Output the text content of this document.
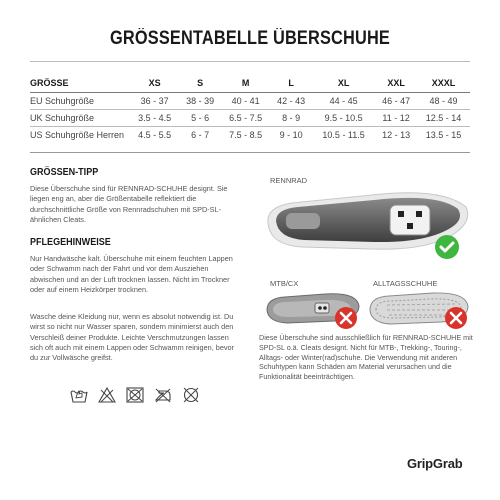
GRÖSSENTABELLE ÜBERSCHUHE
GRÖSSE	XS	S	M	L	XL	XXL	XXXL
EU Schuhgröße	36 - 37	38 - 39	40 - 41	42 - 43	44 - 45	46 - 47	48 - 49
UK Schuhgröße	3.5 - 4.5	5 - 6	6.5 - 7.5	8 - 9	9.5 - 10.5	11 - 12	12.5 - 14
US Schuhgröße Herren	4.5 - 5.5	6 - 7	7.5 - 8.5	9 - 10	10.5 - 11.5	12 - 13	13.5 - 15
GRÖSSEN-TIPP
Diese Überschuhe sind für RENNRAD-SCHUHE designt. Sie liegen eng an, aber die Größentabelle reflektiert die durchschnittliche Größe von Rennradschuhen mit SPD-SL-ähnlichen Cleats.
PFLEGEHINWEISE
Nur Handwäsche kalt. Überschuhe mit einem feuchten Lappen oder Schwamm nach der Fahrt und vor dem Ausziehen abwischen und an der Luft trocknen lassen. Nicht im Trockner oder auf einem Heizkörper trocknen.
Wasche deine Kleidung nur, wenn es absolut notwendig ist. Du wirst so nicht nur Wasser sparen, sondern minimierst auch den Verschleiß deiner Produkte. Leichte Verschmutzungen lassen sich oft auch mit einem Lappen oder Schwamm reinigen, bevor du zur Vollwäsche greifst.
RENNRAD
MTB/CX	ALLTAGSSCHUHE
Diese Überschuhe sind ausschließlich für RENNRAD-SCHUHE mit SPD-SL o.ä. Cleats designt. Nicht für MTB-, Trekking-, Touring-, Alltags- oder Winter(rad)schuhe. Die Verwendung mit anderen Schuhtypen kann Schäden am Material verursachen und die Funktionalität beeinträchtigen.
GripGrab
